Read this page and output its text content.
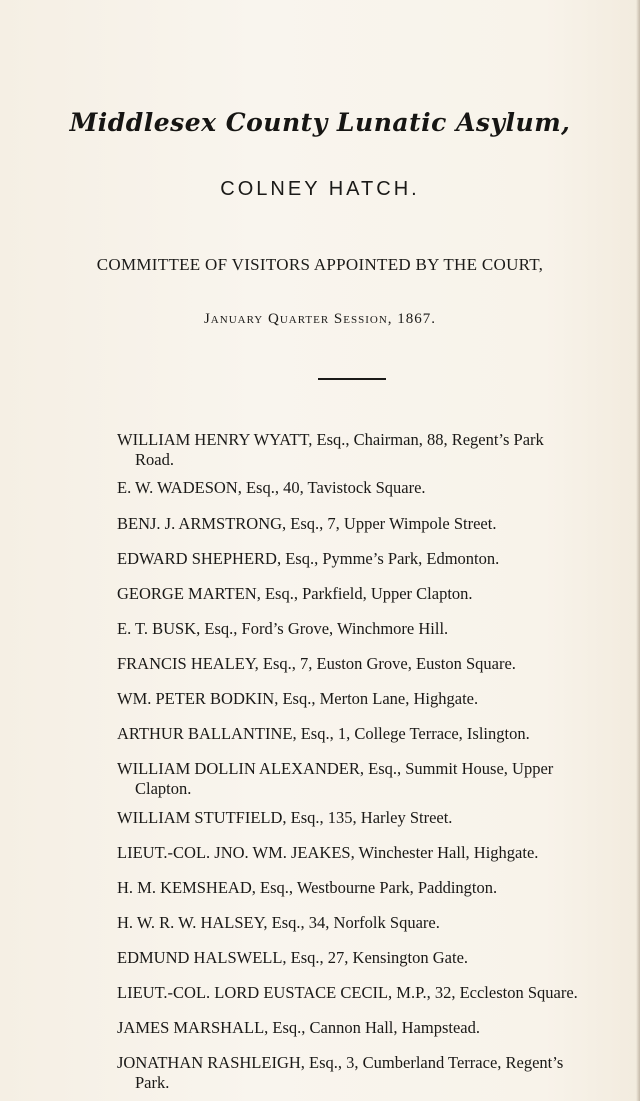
Middlesex County Lunatic Asylum,
COLNEY HATCH.
COMMITTEE OF VISITORS APPOINTED BY THE COURT,
January Quarter Session, 1867.
WILLIAM HENRY WYATT, Esq., Chairman, 88, Regent’s Park
Road.
E. W. WADESON, Esq., 40, Tavistock Square.
BENJ. J. ARMSTRONG, Esq., 7, Upper Wimpole Street.
EDWARD SHEPHERD, Esq., Pymme’s Park, Edmonton.
GEORGE MARTEN, Esq., Parkfield, Upper Clapton.
E. T. BUSK, Esq., Ford’s Grove, Winchmore Hill.
FRANCIS HEALEY, Esq., 7, Euston Grove, Euston Square.
WM. PETER BODKIN, Esq., Merton Lane, Highgate.
ARTHUR BALLANTINE, Esq., 1, College Terrace, Islington.
WILLIAM DOLLIN ALEXANDER, Esq., Summit House, Upper
Clapton.
WILLIAM STUTFIELD, Esq., 135, Harley Street.
LIEUT.-COL. JNO. WM. JEAKES, Winchester Hall, Highgate.
H. M. KEMSHEAD, Esq., Westbourne Park, Paddington.
H. W. R. W. HALSEY, Esq., 34, Norfolk Square.
EDMUND HALSWELL, Esq., 27, Kensington Gate.
LIEUT.-COL. LORD EUSTACE CECIL, M.P., 32, Eccleston Square.
JAMES MARSHALL, Esq., Cannon Hall, Hampstead.
JONATHAN RASHLEIGH, Esq., 3, Cumberland Terrace, Regent’s
Park.
